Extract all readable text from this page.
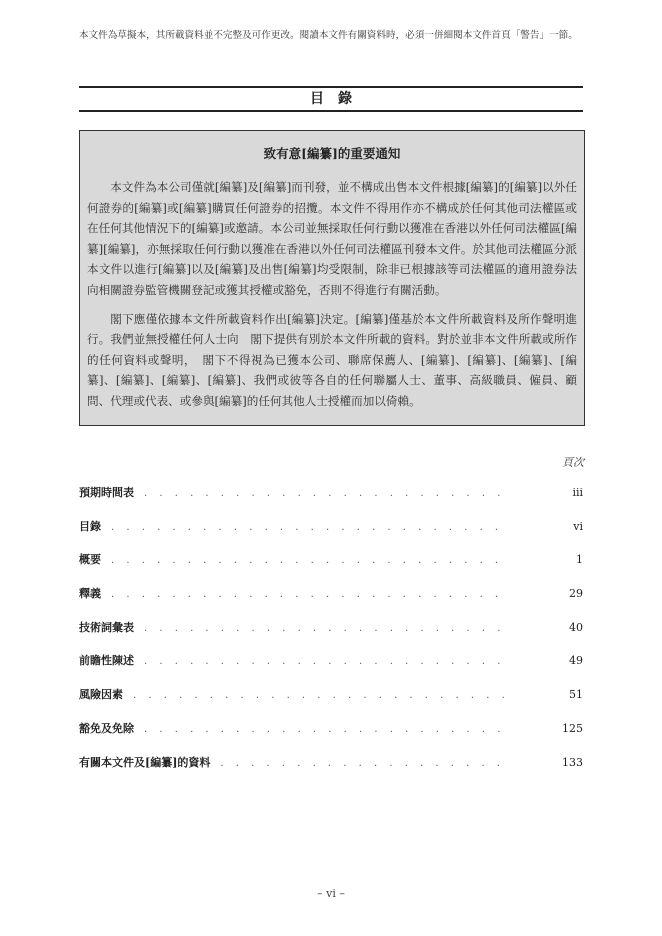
本文件為草擬本，其所載資料並不完整及可作更改。閱讀本文件有關資料時，必須一併細閱本文件首頁「警告」一節。
目錄
致有意[編纂]的重要通知

本文件為本公司僅就[編纂]及[編纂]而刊發，並不構成出售本文件根據[編纂]的[編纂]以外任何證券的[編纂]或[編纂]購買任何證券的招攬。本文件不得用作亦不構成於任何其他司法權區或在任何其他情況下的[編纂]或邀請。本公司並無採取任何行動以獲准在香港以外任何司法權區[編纂][編纂]，亦無採取任何行動以獲准在香港以外任何司法權區刊發本文件。於其他司法權區分派本文件以進行[編纂]以及[編纂]及出售[編纂]均受限制，除非已根據該等司法權區的適用證券法向相關證券監管機關登記或獲其授權或豁免，否則不得進行有關活動。

閣下應僅依據本文件所載資料作出[編纂]決定。[編纂]僅基於本文件所載資料及所作聲明進行。我們並無授權任何人士向　閣下提供有別於本文件所載的資料。對於並非本文件所載或所作的任何資料或聲明，　閣下不得視為已獲本公司、聯席保薦人、[編纂]、[編纂]、[編纂]、[編纂]、[編纂]、[編纂]、[編纂]、我們或彼等各自的任何聯屬人士、董事、高級職員、僱員、顧問、代理或代表、或參與[編纂]的任何其他人士授權而加以倚賴。

頁次
預期時間表 . . .	iii
目錄 . . .	vi
概要 . . .	1
釋義 . . .	29
技術詞彙表 . . .	40
前瞻性陳述 . . .	49
風險因素 . . .	51
豁免及免除 . . .	125
有關本文件及[編纂]的資料 . . .	133
– vi –
